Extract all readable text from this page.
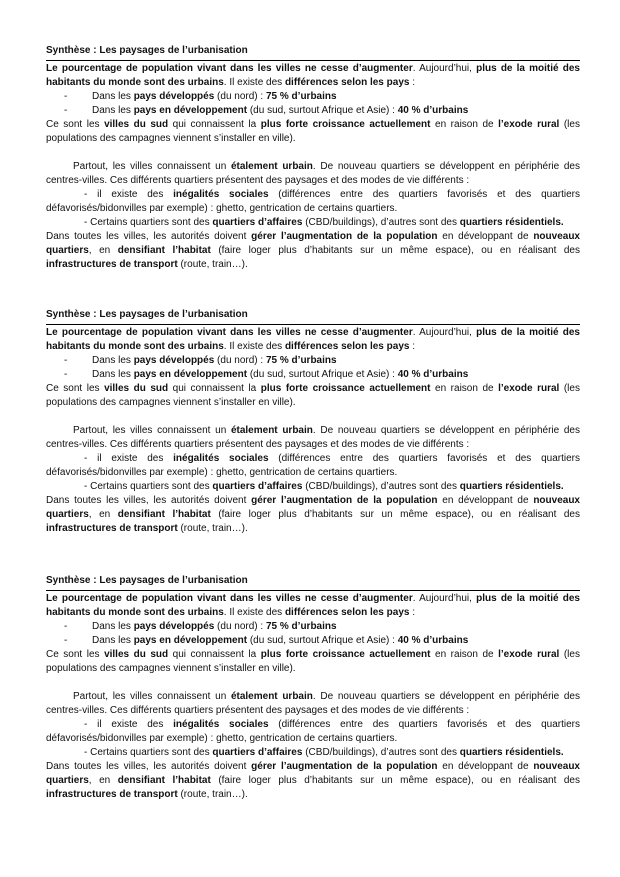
Synthèse : Les paysages de l’urbanisation

Le pourcentage de population vivant dans les villes ne cesse d’augmenter. Aujourd’hui, plus de la moitié des habitants du monde sont des urbains. Il existe des différences selon les pays :

-	Dans les pays développés (du nord) : 75 % d’urbains
-	Dans les pays en développement (du sud, surtout Afrique et Asie) : 40 % d’urbains

Ce sont les villes du sud qui connaissent la plus forte croissance actuellement en raison de l’exode rural (les populations des campagnes viennent s’installer en ville).

Partout, les villes connaissent un étalement urbain. De nouveau quartiers se développent en périphérie des centres-villes. Ces différents quartiers présentent des paysages et des modes de vie différents :

- il existe des inégalités sociales (différences entre des quartiers favorisés et des quartiers défavorisés/bidonvilles par exemple) : ghetto, gentrication de certains quartiers.

- Certains quartiers sont des quartiers d’affaires (CBD/buildings), d’autres sont des quartiers résidentiels.

Dans toutes les villes, les autorités doivent gérer l’augmentation de la population en développant de nouveaux quartiers, en densifiant l’habitat (faire loger plus d’habitants sur un même espace), ou en réalisant des infrastructures de transport (route, train…).

Synthèse : Les paysages de l’urbanisation

Le pourcentage de population vivant dans les villes ne cesse d’augmenter. Aujourd’hui, plus de la moitié des habitants du monde sont des urbains. Il existe des différences selon les pays :

-	Dans les pays développés (du nord) : 75 % d’urbains
-	Dans les pays en développement (du sud, surtout Afrique et Asie) : 40 % d’urbains

Ce sont les villes du sud qui connaissent la plus forte croissance actuellement en raison de l’exode rural (les populations des campagnes viennent s’installer en ville).

Partout, les villes connaissent un étalement urbain. De nouveau quartiers se développent en périphérie des centres-villes. Ces différents quartiers présentent des paysages et des modes de vie différents :

- il existe des inégalités sociales (différences entre des quartiers favorisés et des quartiers défavorisés/bidonvilles par exemple) : ghetto, gentrication de certains quartiers.

- Certains quartiers sont des quartiers d’affaires (CBD/buildings), d’autres sont des quartiers résidentiels.

Dans toutes les villes, les autorités doivent gérer l’augmentation de la population en développant de nouveaux quartiers, en densifiant l’habitat (faire loger plus d’habitants sur un même espace), ou en réalisant des infrastructures de transport (route, train…).

Synthèse : Les paysages de l’urbanisation

Le pourcentage de population vivant dans les villes ne cesse d’augmenter. Aujourd’hui, plus de la moitié des habitants du monde sont des urbains. Il existe des différences selon les pays :

-	Dans les pays développés (du nord) : 75 % d’urbains
-	Dans les pays en développement (du sud, surtout Afrique et Asie) : 40 % d’urbains

Ce sont les villes du sud qui connaissent la plus forte croissance actuellement en raison de l’exode rural (les populations des campagnes viennent s’installer en ville).

Partout, les villes connaissent un étalement urbain. De nouveau quartiers se développent en périphérie des centres-villes. Ces différents quartiers présentent des paysages et des modes de vie différents :

- il existe des inégalités sociales (différences entre des quartiers favorisés et des quartiers défavorisés/bidonvilles par exemple) : ghetto, gentrication de certains quartiers.

- Certains quartiers sont des quartiers d’affaires (CBD/buildings), d’autres sont des quartiers résidentiels.

Dans toutes les villes, les autorités doivent gérer l’augmentation de la population en développant de nouveaux quartiers, en densifiant l’habitat (faire loger plus d’habitants sur un même espace), ou en réalisant des infrastructures de transport (route, train…).
